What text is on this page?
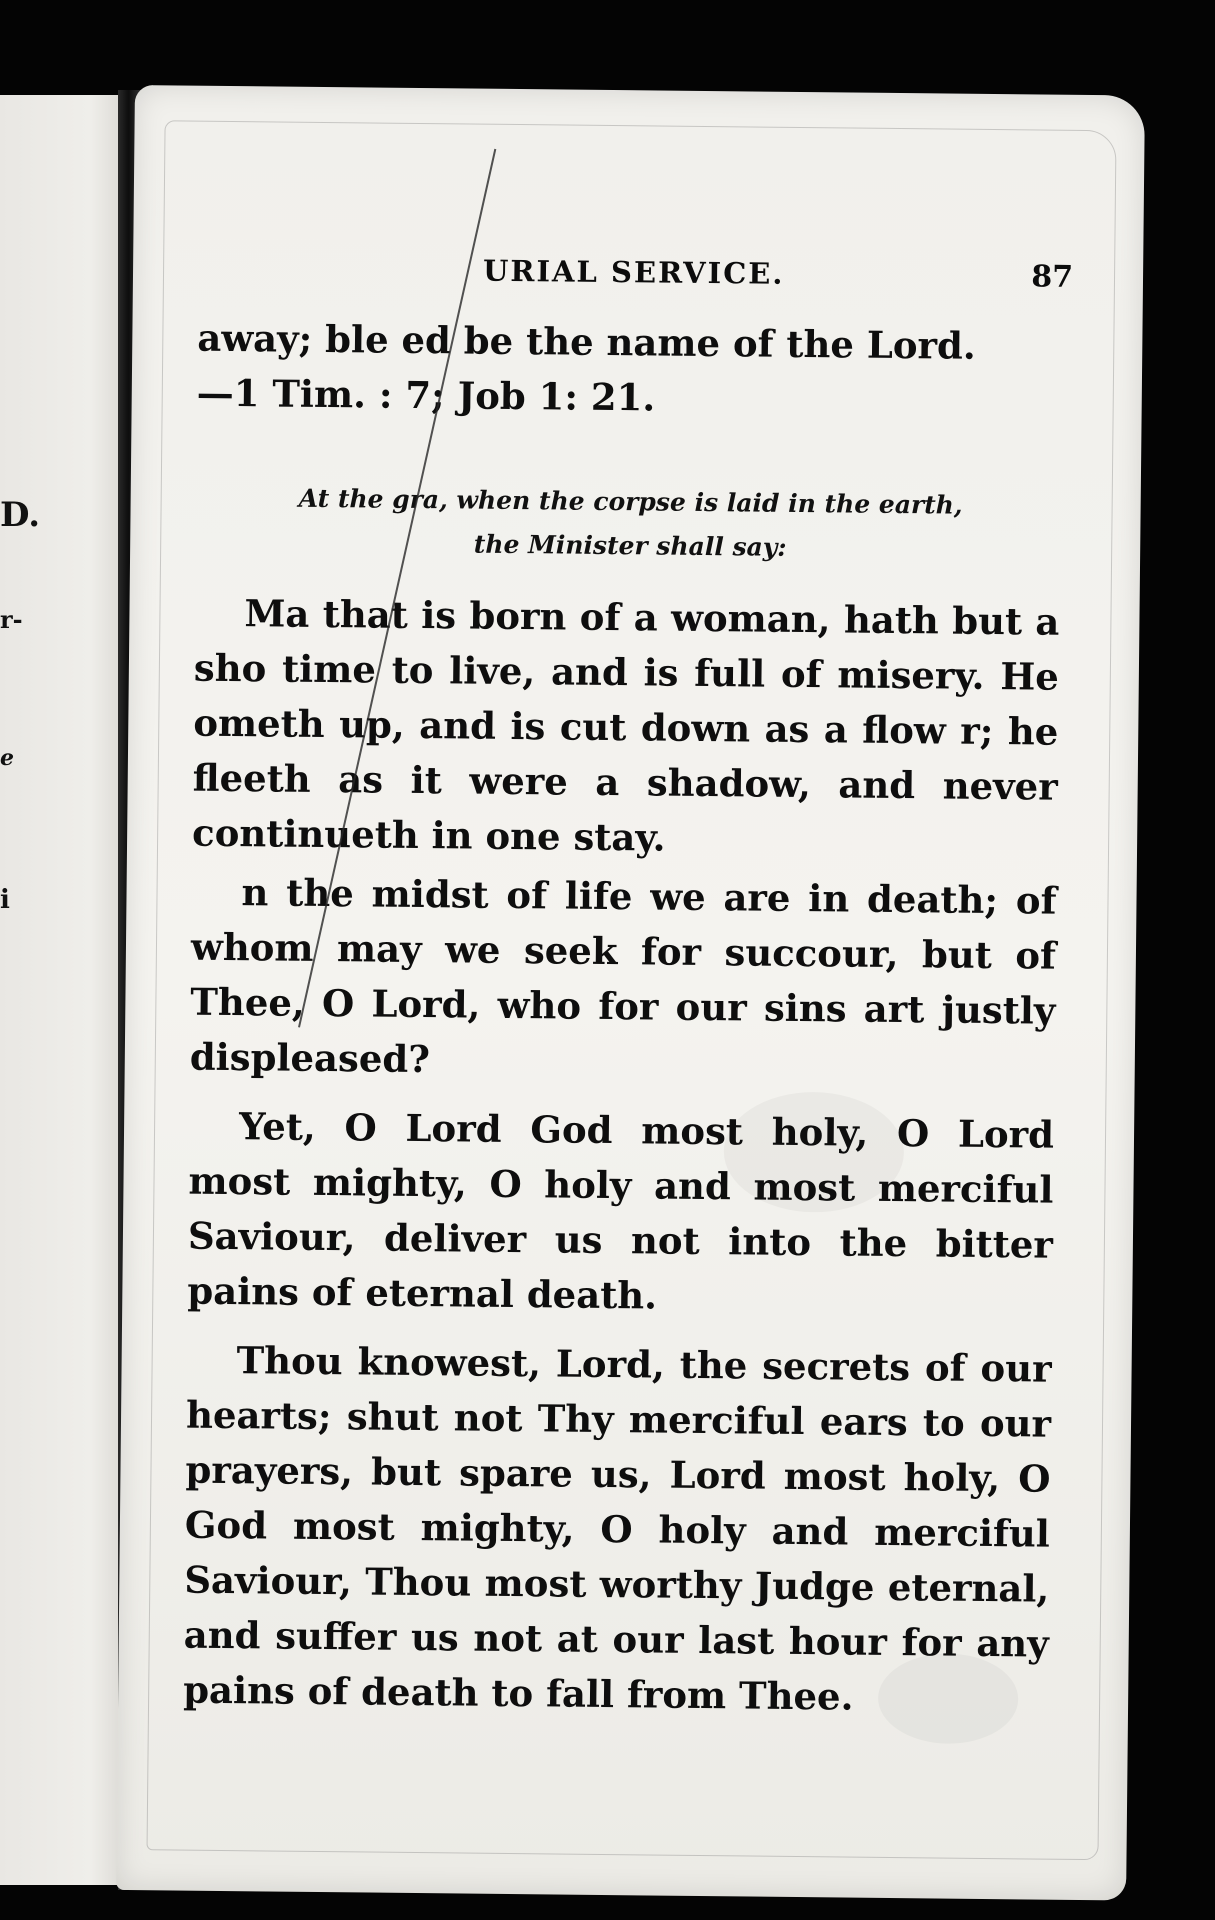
D.
r-
e
i
URIAL SERVICE.	87

away; ble ed be the name of the Lord.

—1 Tim. : 7; Job 1: 21.

At the gra, when the corpse is laid in the earth,
the Minister shall say:

Ma that is born of a woman, hath but a sho time to live, and is full of misery. He ometh up, and is cut down as a flow r; he fleeth as it were a shadow, and never continueth in one stay.

n the midst of life we are in death; of whom may we seek for succour, but of Thee, O Lord, who for our sins art justly displeased?

Yet, O Lord God most holy, O Lord most mighty, O holy and most merciful Saviour, deliver us not into the bitter pains of eternal death.

Thou knowest, Lord, the secrets of our hearts; shut not Thy merciful ears to our prayers, but spare us, Lord most holy, O God most mighty, O holy and merciful Saviour, Thou most worthy Judge eternal, and suffer us not at our last hour for any pains of death to fall from Thee.
